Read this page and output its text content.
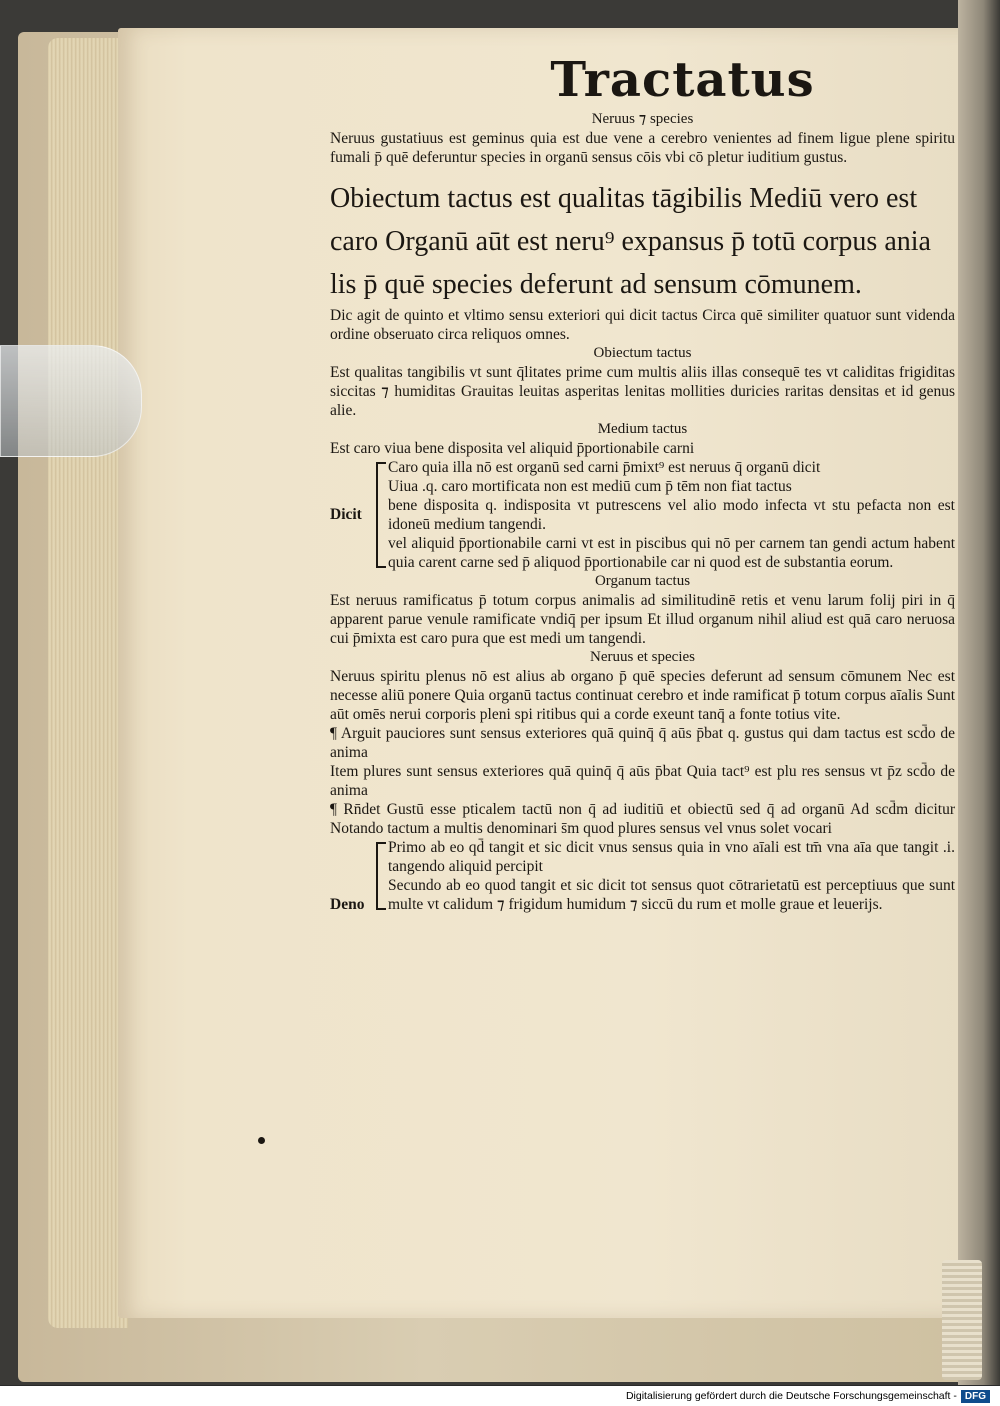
Tractatus
Neruus ⁊ species

Neruus gustatiuus est geminus quia est due vene a cerebro venientes ad finem ligue plene spiritu fumali p̄ quē deferuntur species in organū sensus cōis vbi cō pletur iuditium gustus.

Obiectum tactus est qualitas tāgibilis Mediū vero est caro Organū aūt est neru⁹ expansus p̄ totū corpus ania lis p̄ quē species deferunt ad sensum cōmunem.

Dic agit de quinto et vltimo sensu exteriori qui dicit tactus Circa quē similiter quatuor sunt videnda ordine obseruato circa reliquos omnes.

Obiectum tactus

Est qualitas tangibilis vt sunt q̄litates prime cum multis aliis illas consequē tes vt caliditas frigiditas siccitas ⁊ humiditas Grauitas leuitas asperitas lenitas mollities duricies raritas densitas et id genus alie.

Medium tactus

Est caro viua bene disposita vel aliquid p̄portionabile carni

Dicit

Caro quia illa nō est organū sed carni p̄mixt⁹ est neruus q̄ organū dicit

Uiua .q. caro mortificata non est mediū cum p̄ tēm non fiat tactus

bene disposita q. indisposita vt putrescens vel alio modo infecta vt stu pefacta non est idoneū medium tangendi.

vel aliquid p̄portionabile carni vt est in piscibus qui nō per carnem tan gendi actum habent quia carent carne sed p̄ aliquod p̄portionabile car ni quod est de substantia eorum.

Organum tactus

Est neruus ramificatus p̄ totum corpus animalis ad similitudinē retis et venu larum folij piri in q̄ apparent parue venule ramificate vndiq̄ per ipsum Et illud organum nihil aliud est quā caro neruosa cui p̄mixta est caro pura que est medi um tangendi.

Neruus et species

Neruus spiritu plenus nō est alius ab organo p̄ quē species deferunt ad sensum cōmunem Nec est necesse aliū ponere Quia organū tactus continuat cerebro et inde ramificat p̄ totum corpus aīalis Sunt aūt omēs nerui corporis pleni spi ritibus qui a corde exeunt tanq̄ a fonte totius vite.

¶ Arguit pauciores sunt sensus exteriores quā quinq̄ q̄ aūs p̄bat q. gustus qui dam tactus est scd̄o de anima

Item plures sunt sensus exteriores quā quinq̄ q̄ aūs p̄bat Quia tact⁹ est plu res sensus vt p̄z scd̄o de anima

¶ Rn̄det Gustū esse pticalem tactū non q̄ ad iuditiū et obiectū sed q̄ ad organū Ad scd̄m dicitur Notando tactum a multis denominari s̄m quod plures sensus vel vnus solet vocari

Deno

Primo ab eo qd̄ tangit et sic dicit vnus sensus quia in vno aīali est tm̄ vna aīa que tangit .i. tangendo aliquid percipit

Secundo ab eo quod tangit et sic dicit tot sensus quot cōtrarietatū est perceptiuus que sunt multe vt calidum ⁊ frigidum humidum ⁊ siccū du rum et molle graue et leuerijs.

Digitalisierung gefördert durch die Deutsche Forschungsgemeinschaft - DFG
